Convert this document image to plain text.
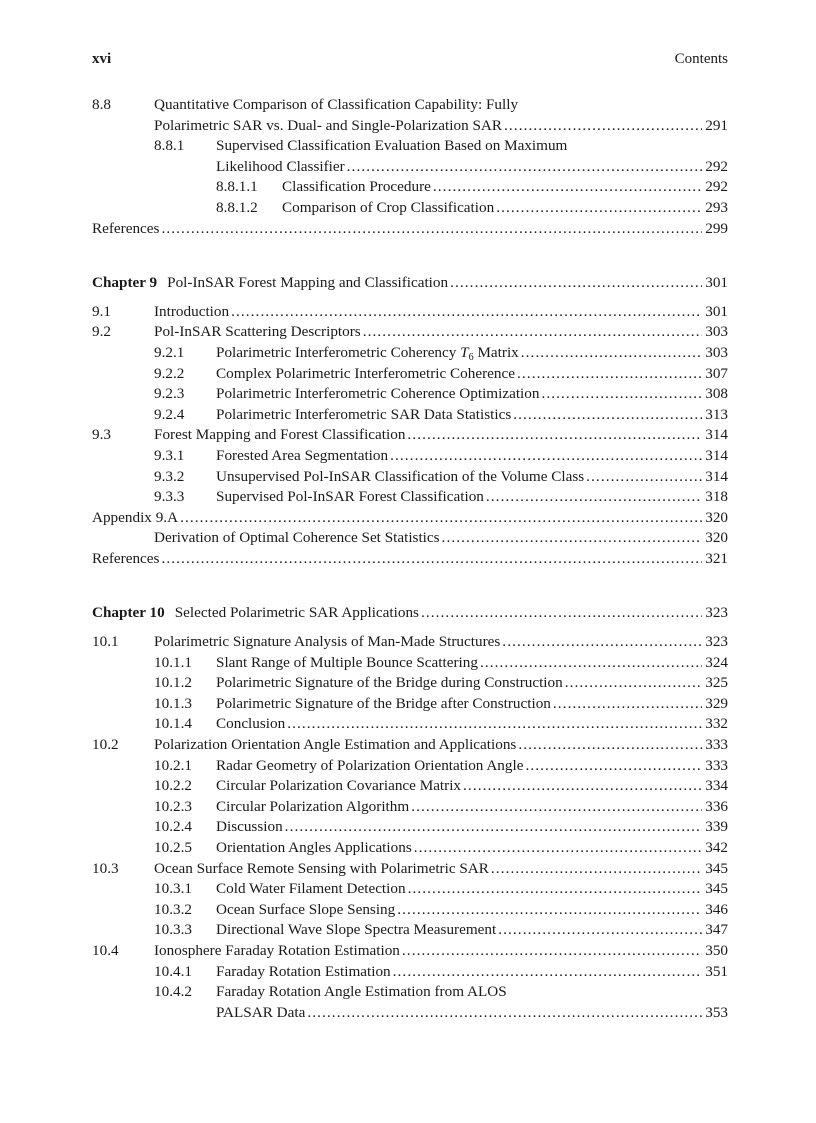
xvi	Contents
8.8	Quantitative Comparison of Classification Capability: Fully
Polarimetric SAR vs. Dual- and Single-Polarization SAR .....	291
8.8.1 Supervised Classification Evaluation Based on Maximum
Likelihood Classifier .....	292
8.8.1.1 Classification Procedure .....	292
8.8.1.2 Comparison of Crop Classification .....	293
References .....	299
Chapter 9 Pol-InSAR Forest Mapping and Classification .....	301
9.1	Introduction .....	301
9.2	Pol-InSAR Scattering Descriptors .....	303
9.2.1 Polarimetric Interferometric Coherency T6 Matrix .....	303
9.2.2 Complex Polarimetric Interferometric Coherence .....	307
9.2.3 Polarimetric Interferometric Coherence Optimization .....	308
9.2.4 Polarimetric Interferometric SAR Data Statistics .....	313
9.3	Forest Mapping and Forest Classification .....	314
9.3.1 Forested Area Segmentation .....	314
9.3.2 Unsupervised Pol-InSAR Classification of the Volume Class .....	314
9.3.3 Supervised Pol-InSAR Forest Classification .....	318
Appendix 9.A .....	320
Derivation of Optimal Coherence Set Statistics .....	320
References .....	321
Chapter 10 Selected Polarimetric SAR Applications .....	323
10.1 Polarimetric Signature Analysis of Man-Made Structures .....	323
10.1.1 Slant Range of Multiple Bounce Scattering .....	324
10.1.2 Polarimetric Signature of the Bridge during Construction .....	325
10.1.3 Polarimetric Signature of the Bridge after Construction .....	329
10.1.4 Conclusion .....	332
10.2 Polarization Orientation Angle Estimation and Applications .....	333
10.2.1 Radar Geometry of Polarization Orientation Angle .....	333
10.2.2 Circular Polarization Covariance Matrix .....	334
10.2.3 Circular Polarization Algorithm .....	336
10.2.4 Discussion .....	339
10.2.5 Orientation Angles Applications .....	342
10.3 Ocean Surface Remote Sensing with Polarimetric SAR .....	345
10.3.1 Cold Water Filament Detection .....	345
10.3.2 Ocean Surface Slope Sensing .....	346
10.3.3 Directional Wave Slope Spectra Measurement .....	347
10.4 Ionosphere Faraday Rotation Estimation .....	350
10.4.1 Faraday Rotation Estimation .....	351
10.4.2 Faraday Rotation Angle Estimation from ALOS
PALSAR Data .....	353
